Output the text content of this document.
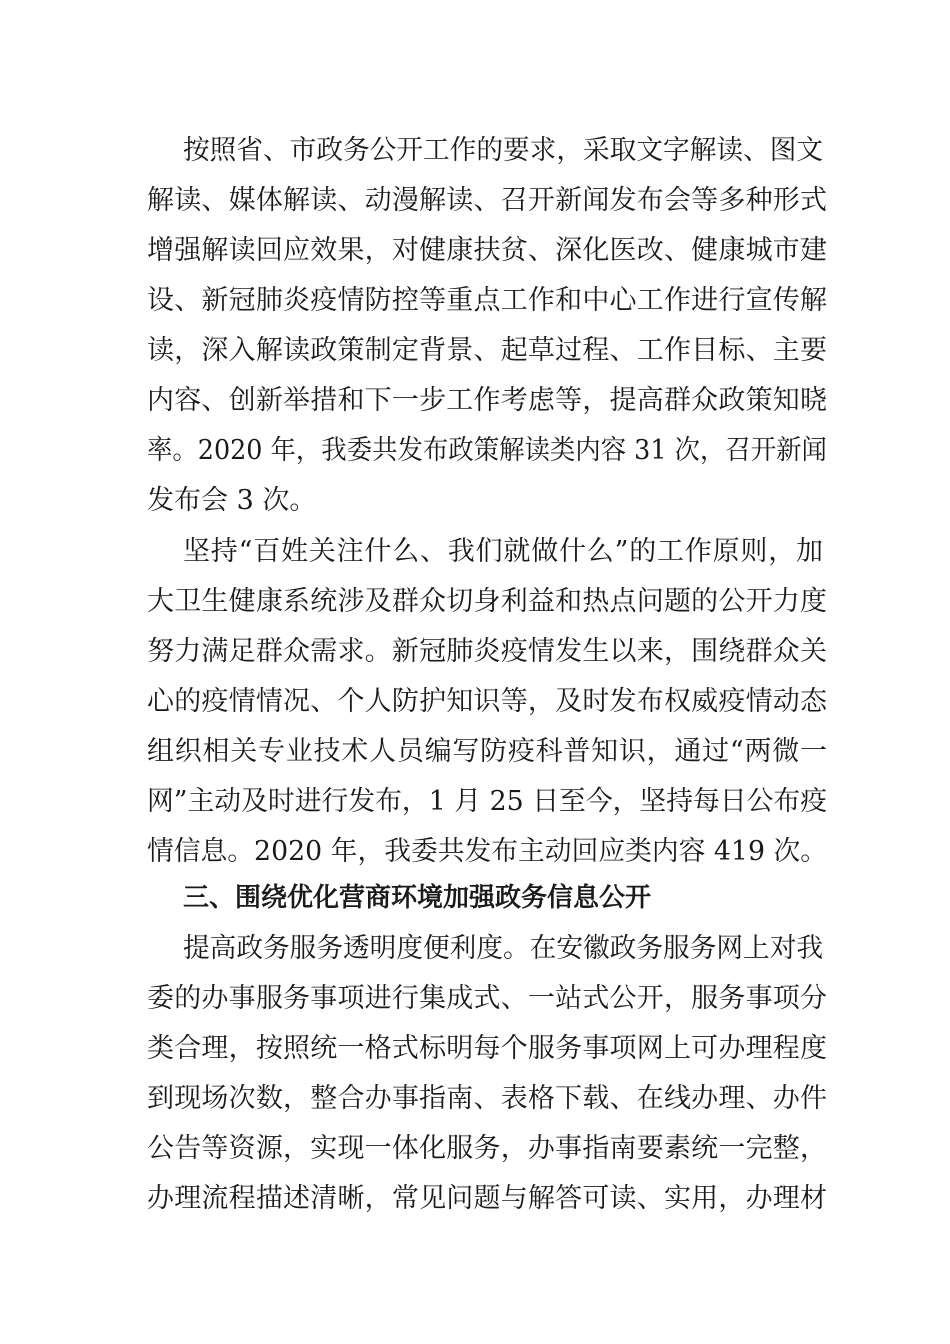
按照省、市政务公开工作的要求，采取文字解读、图文
解读、媒体解读、动漫解读、召开新闻发布会等多种形式
增强解读回应效果，对健康扶贫、深化医改、健康城市建
设、新冠肺炎疫情防控等重点工作和中心工作进行宣传解
读，深入解读政策制定背景、起草过程、工作目标、主要
内容、创新举措和下一步工作考虑等，提高群众政策知晓
率。2020 年，我委共发布政策解读类内容 31 次，召开新闻
发布会 3 次。
坚持“百姓关注什么、我们就做什么”的工作原则，加
大卫生健康系统涉及群众切身利益和热点问题的公开力度
努力满足群众需求。新冠肺炎疫情发生以来，围绕群众关
心的疫情情况、个人防护知识等，及时发布权威疫情动态
组织相关专业技术人员编写防疫科普知识，通过“两微一
网”主动及时进行发布，1 月 25 日至今，坚持每日公布疫
情信息。2020 年，我委共发布主动回应类内容 419 次。
三、围绕优化营商环境加强政务信息公开
提高政务服务透明度便利度。在安徽政务服务网上对我
委的办事服务事项进行集成式、一站式公开，服务事项分
类合理，按照统一格式标明每个服务事项网上可办理程度
到现场次数，整合办事指南、表格下载、在线办理、办件
公告等资源，实现一体化服务，办事指南要素统一完整，
办理流程描述清晰，常见问题与解答可读、实用，办理材
